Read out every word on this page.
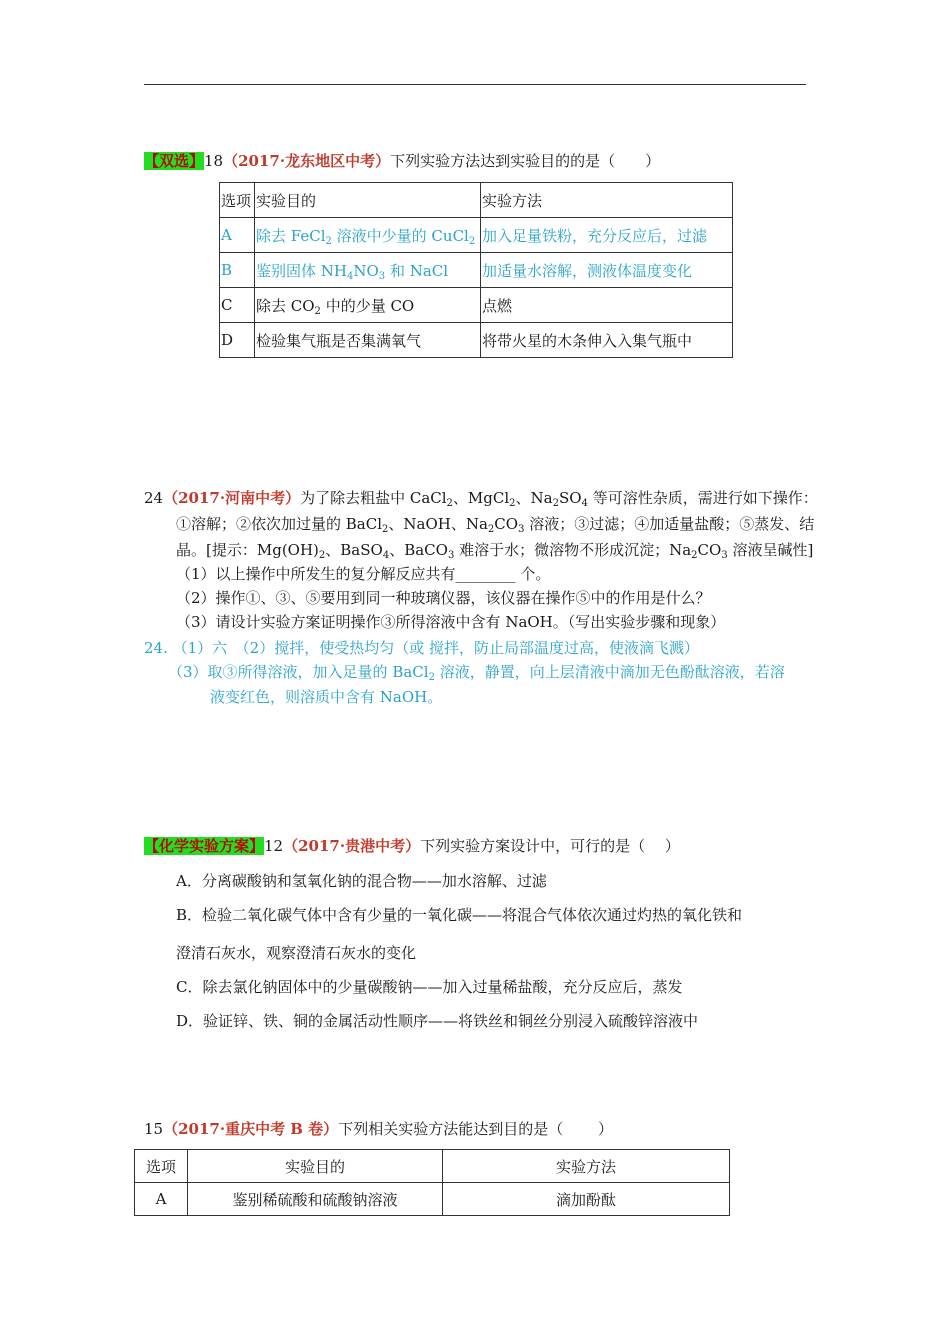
【双选】18（2017·龙东地区中考）下列实验方法达到实验目的的是（　　）
选项	实验目的	实验方法
A	除去 FeCl$_2$ 溶液中少量的 CuCl$_2$	加入足量铁粉，充分反应后，过滤
B	鉴别固体 $NH_4NO_3$ 和 NaCl	加适量水溶解，测液体温度变化
C	除去 $CO_2$ 中的少量 CO	点燃
D	检验集气瓶是否集满氧气	将带火星的木条伸入入集气瓶中
24（2017·河南中考）为了除去粗盐中 CaCl$_2$、MgCl$_2$、$Na_2SO_4$ 等可溶性杂质，需进行如下操作：
①溶解；②依次加过量的 BaCl$_2$、NaOH、$Na_2CO_3$ 溶液；③过滤；④加适量盐酸；⑤蒸发、结
晶。[提示：$Mg(OH)_2$、BaSO$_4$、BaCO$_3$ 难溶于水；微溶物不形成沉淀；$Na_2CO_3$ 溶液呈碱性]
（1）以上操作中所发生的复分解反应共有________ 个。
（2）操作①、③、⑤要用到同一种玻璃仪器，该仪器在操作⑤中的作用是什么？
（3）请设计实验方案证明操作③所得溶液中含有 NaOH。（写出实验步骤和现象）
24. （1）六　（2）搅拌，使受热均匀（或 搅拌，防止局部温度过高，使液滴飞溅）
（3）取③所得溶液，加入足量的 BaCl$_2$ 溶液，静置，向上层清液中滴加无色酚酞溶液，若溶
液变红色，则溶质中含有 NaOH。
【化学实验方案】12（2017·贵港中考）下列实验方案设计中，可行的是（　 ）
A．分离碳酸钠和氢氧化钠的混合物——加水溶解、过滤
B．检验二氧化碳气体中含有少量的一氧化碳——将混合气体依次通过灼热的氧化铁和
澄清石灰水，观察澄清石灰水的变化
C．除去氯化钠固体中的少量碳酸钠——加入过量稀盐酸，充分反应后，蒸发
D．验证锌、铁、铜的金属活动性顺序——将铁丝和铜丝分别浸入硫酸锌溶液中
15（2017·重庆中考 B 卷）下列相关实验方法能达到目的是（　　 ）
选项	实验目的	实验方法
A	鉴别稀硫酸和硫酸钠溶液	滴加酚酞
